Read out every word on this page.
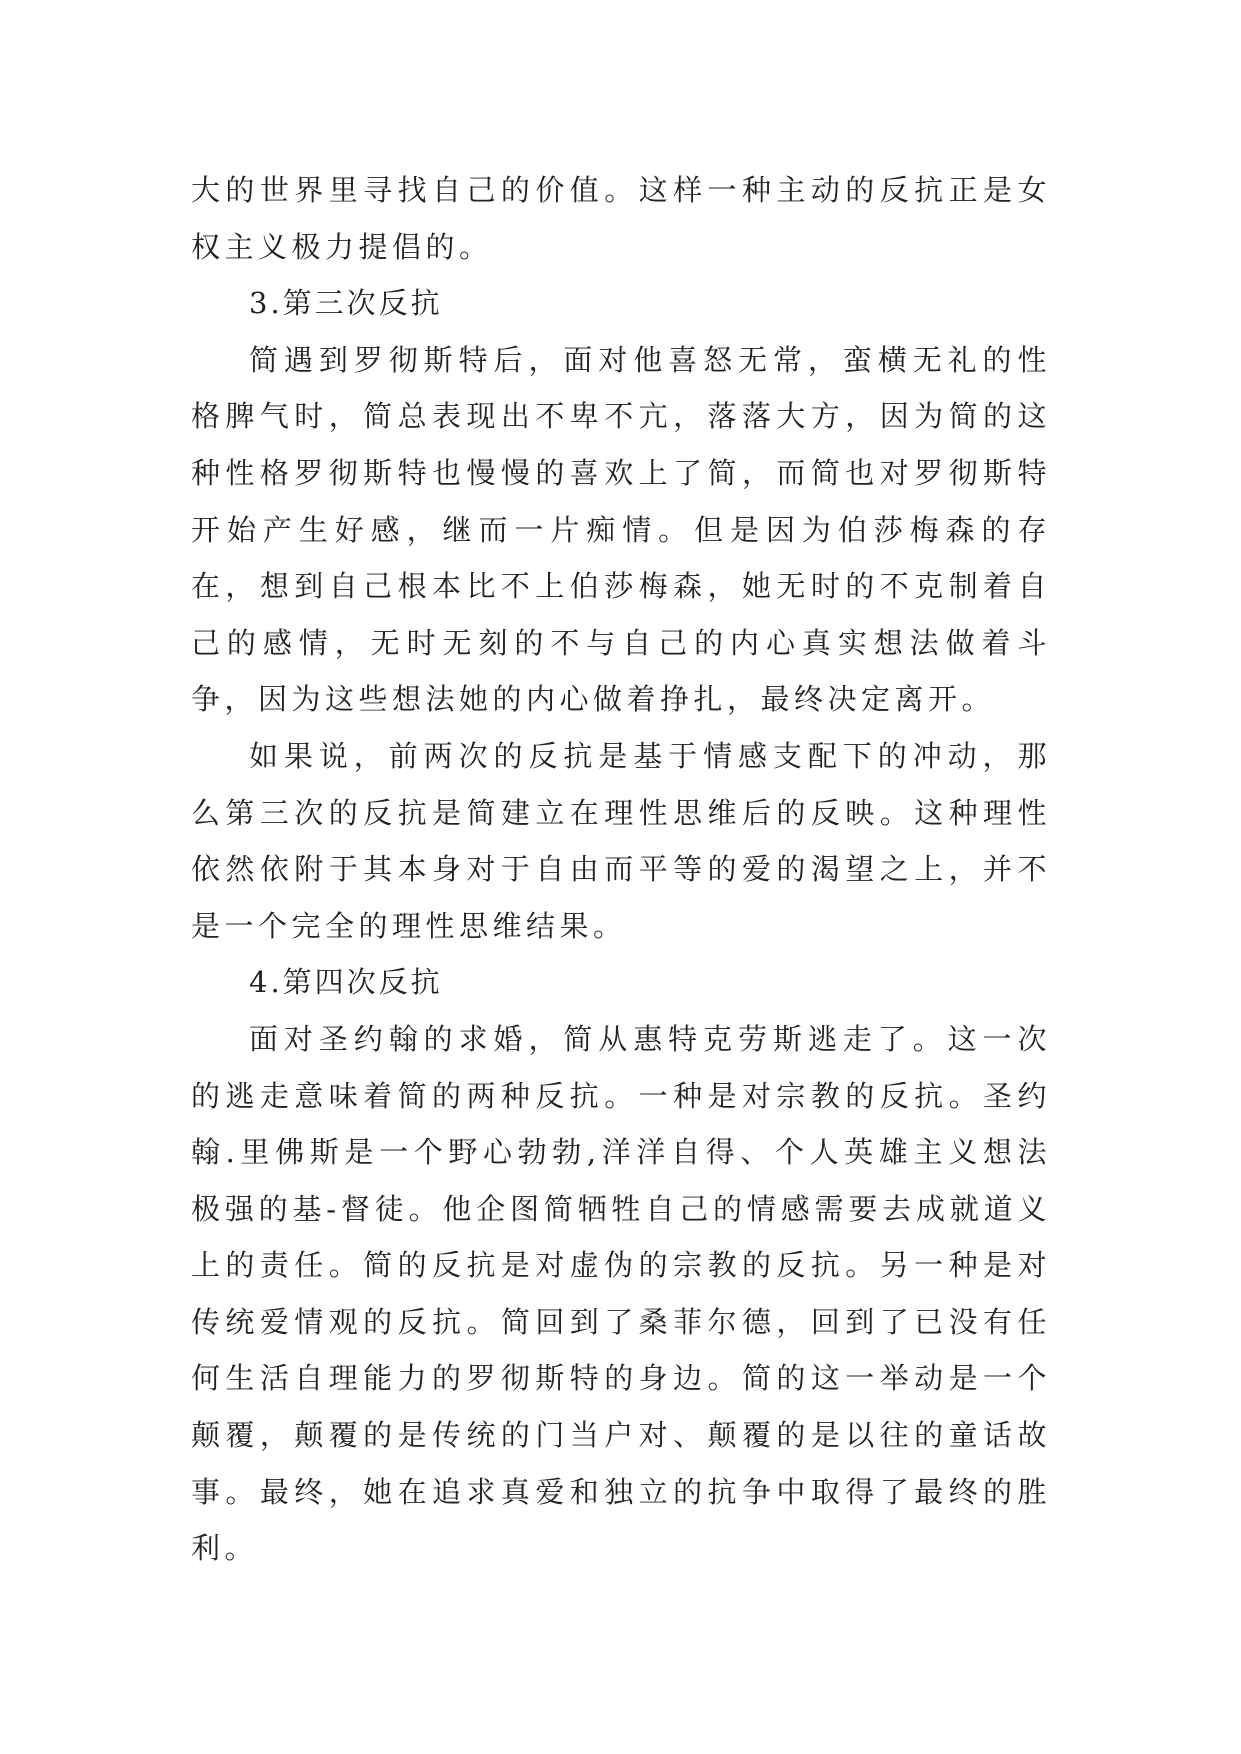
大的世界里寻找自己的价值。这样一种主动的反抗正是女权主义极力提倡的。

3.第三次反抗

简遇到罗彻斯特后，面对他喜怒无常，蛮横无礼的性格脾气时，简总表现出不卑不亢，落落大方，因为简的这种性格罗彻斯特也慢慢的喜欢上了简，而简也对罗彻斯特开始产生好感，继而一片痴情。但是因为伯莎梅森的存在，想到自己根本比不上伯莎梅森，她无时的不克制着自己的感情，无时无刻的不与自己的内心真实想法做着斗争，因为这些想法她的内心做着挣扎，最终决定离开。

如果说，前两次的反抗是基于情感支配下的冲动，那么第三次的反抗是简建立在理性思维后的反映。这种理性依然依附于其本身对于自由而平等的爱的渴望之上，并不是一个完全的理性思维结果。

4.第四次反抗

面对圣约翰的求婚，简从惠特克劳斯逃走了。这一次的逃走意味着简的两种反抗。一种是对宗教的反抗。圣约翰.里佛斯是一个野心勃勃,洋洋自得、个人英雄主义想法极强的基-督徒。他企图简牺牲自己的情感需要去成就道义上的责任。简的反抗是对虚伪的宗教的反抗。另一种是对传统爱情观的反抗。简回到了桑菲尔德，回到了已没有任何生活自理能力的罗彻斯特的身边。简的这一举动是一个颠覆，颠覆的是传统的门当户对、颠覆的是以往的童话故事。最终，她在追求真爱和独立的抗争中取得了最终的胜利。
